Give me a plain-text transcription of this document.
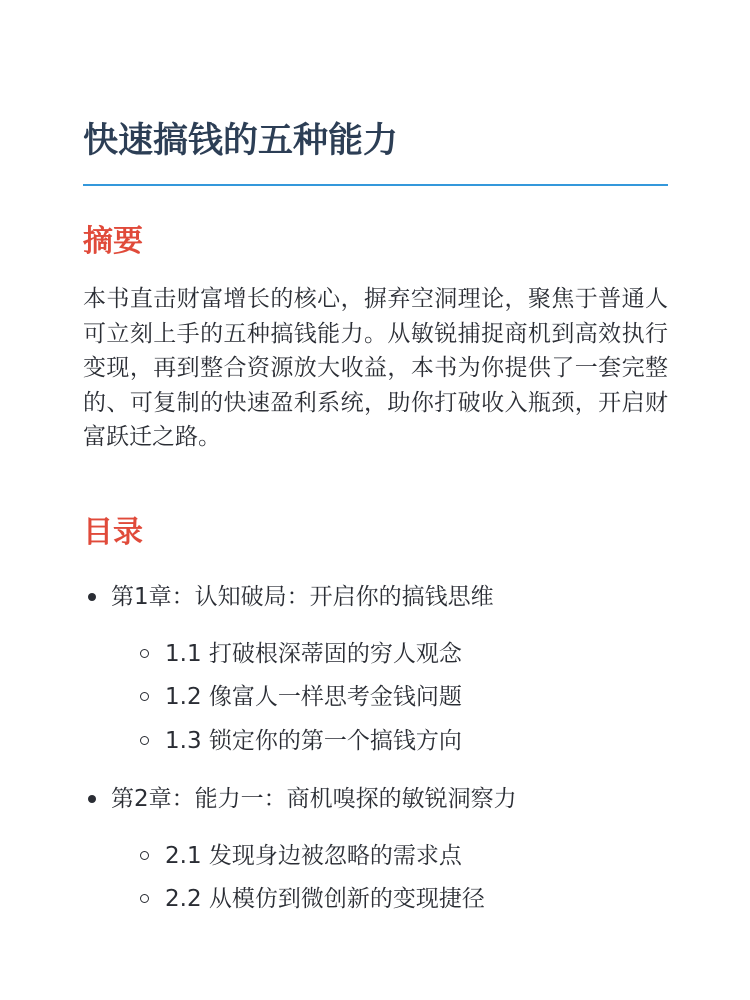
快速搞钱的五种能力
摘要

本书直击财富增长的核心，摒弃空洞理论，聚焦于普通人可立刻上手的五种搞钱能力。从敏锐捕捉商机到高效执行变现，再到整合资源放大收益，本书为你提供了一套完整的、可复制的快速盈利系统，助你打破收入瓶颈，开启财富跃迁之路。

目录
第1章：认知破局：开启你的搞钱思维
1.1 打破根深蒂固的穷人观念
1.2 像富人一样思考金钱问题
1.3 锁定你的第一个搞钱方向
第2章：能力一：商机嗅探的敏锐洞察力
2.1 发现身边被忽略的需求点
2.2 从模仿到微创新的变现捷径
